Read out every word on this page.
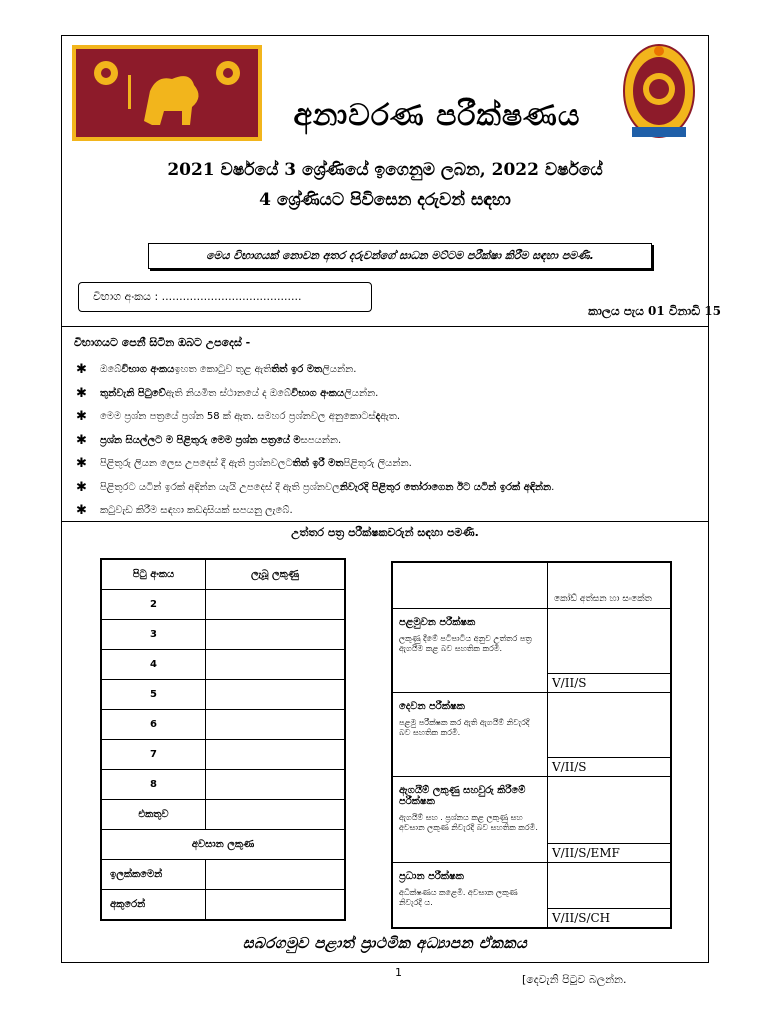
අනාවරණ පරීක්ෂණය
2021 වර්ෂයේ 3 ශ්‍රේණියේ ඉගෙනුම ලබන, 2022 වර්ෂයේ
4 ශ්‍රේණියට පිවිසෙන දරුවන් සඳහා
මෙය විභාගයක් නොවන අතර දරුවන්ගේ සාධන මට්ටම පරීක්ෂා කිරීම සඳහා පමණි.
විභාග අංකය : ........................................
කාලය පැය 01 විනාඩි 15
විභාගයට පෙනී සිටින ඔබට උපදෙස් -
✱	ඔබේ විභාග අංකය ඉහත කොටුව තුළ ඇති තිත් ඉර මත ලියන්න.
✱	තුන්වැනි පිටුවේ ඇති නියමිත ස්ථානයේ ද ඔබේ විභාග අංකය ලියන්න.
✱	මෙම ප්‍රශ්න පත්‍රයේ ප්‍රශ්න 58 ක් ඇත. සමහර ප්‍රශ්නවල අනුකොටස් ද ඇත.
✱	ප්‍රශ්න සියල්ලට ම පිළිතුරු මෙම ප්‍රශ්න පත්‍රයේ ම සපයන්න.
✱	පිළිතුරු ලියන ලෙස උපදෙස් දී ඇති ප්‍රශ්නවලට තිත් ඉරී මත පිළිතුරු ලියන්න.
✱	පිළිතුරට යටින් ඉරක් අඳින්න යැයි උපදෙස් දී ඇති ප්‍රශ්නවල නිවැරදි පිළිතුර තෝරාගෙන ඊට යටින් ඉරක් අඳින්න .
✱	කටුවැඩ කිරීම සඳහා කඩදාසියක් සපයනු ලැබේ.
උත්තර පත්‍ර පරීක්ෂකවරුන් සඳහා පමණි.
පිටු අංකය	ලැබූ ලකුණු
2	
3	
4	
5	
6	
7	
8	
එකතුව	
අවසාන ලකුණ	
ඉලක්කමෙන්	
අකුරෙන්	
	කෝඩ් අත්සන හා සංකේත

පළමුවන පරීක්ෂක
ලකුණු දීමේ පටිපාටිය අනුව උත්තර පත්‍ර ඇගයීම කළ බව සහතික කරමි.	V/II/S

දෙවන පරීක්ෂක
පළමු පරීක්ෂක කර ඇති ඇගයීම් නිවැරදි බව සහතික කරමි.	V/II/S

ඇගයීම් ලකුණු සහවුරු කිරීමේ පරීක්ෂක
ඇගයීම් සහ . ප්‍රශ්නය කළ ලකුණු සහ අවසාන ලකුණ නිවැරදි බව සහතික කරමි.	V/II/S/EMF

ප්‍රධාන පරීක්ෂක
අධීක්ෂණය කළෙමි. අවසාන ලකුණ නිවැරදි ය.	V/II/S/CH
සබරගමුව පළාත් ප්‍රාථමික අධ්‍යාපන ඒකකය
1
[දෙවැනි පිටුව බලන්න.
